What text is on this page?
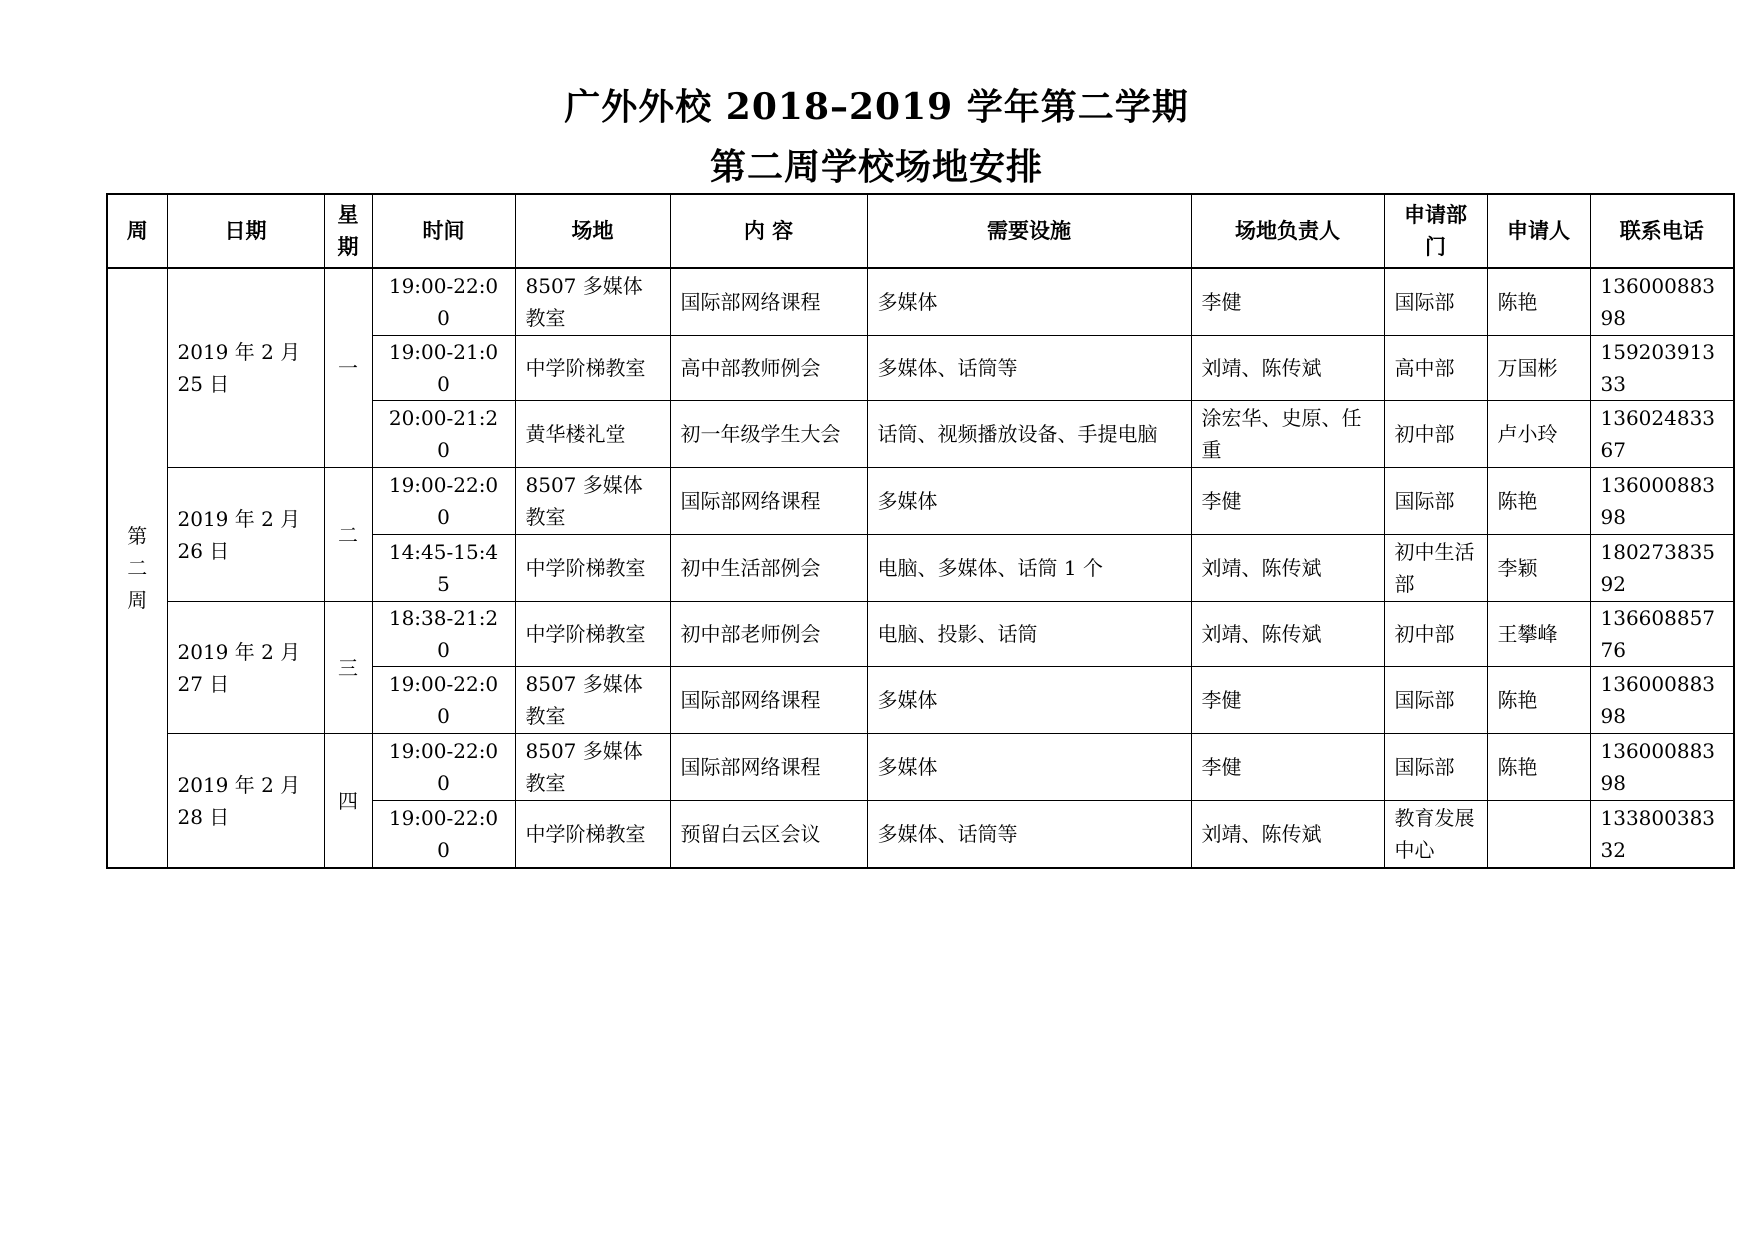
广外外校 2018–2019 学年第二学期
第二周学校场地安排
周	日期	星期	时间	场地	内 容	需要设施	场地负责人	申请部门	申请人	联系电话
第二周	2019 年 2 月 25 日	一	19:00-22:00	8507 多媒体教室	国际部网络课程	多媒体	李健	国际部	陈艳	13600088398
			19:00-21:00	中学阶梯教室	高中部教师例会	多媒体、话筒等	刘靖、陈传斌	高中部	万国彬	15920391333
			20:00-21:20	黄华楼礼堂	初一年级学生大会	话筒、视频播放设备、手提电脑	涂宏华、史原、任重	初中部	卢小玲	13602483367
	2019 年 2 月 26 日	二	19:00-22:00	8507 多媒体教室	国际部网络课程	多媒体	李健	国际部	陈艳	13600088398
			14:45-15:45	中学阶梯教室	初中生活部例会	电脑、多媒体、话筒 1 个	刘靖、陈传斌	初中生活部	李颖	18027383592
	2019 年 2 月 27 日	三	18:38-21:20	中学阶梯教室	初中部老师例会	电脑、投影、话筒	刘靖、陈传斌	初中部	王攀峰	13660885776
			19:00-22:00	8507 多媒体教室	国际部网络课程	多媒体	李健	国际部	陈艳	13600088398
	2019 年 2 月 28 日	四	19:00-22:00	8507 多媒体教室	国际部网络课程	多媒体	李健	国际部	陈艳	13600088398
			19:00-22:00	中学阶梯教室	预留白云区会议	多媒体、话筒等	刘靖、陈传斌	教育发展中心		13380038332
